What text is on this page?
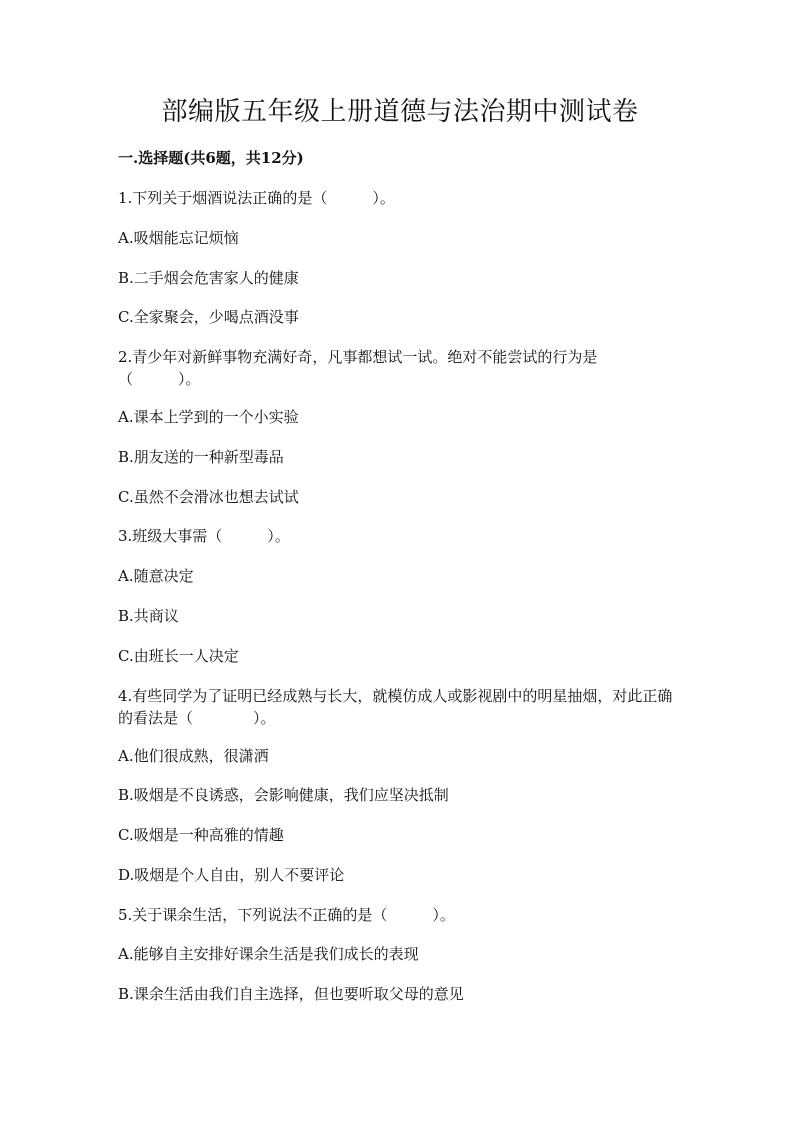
部编版五年级上册道德与法治期中测试卷
一.选择题(共6题，共12分)
1.下列关于烟酒说法正确的是（　　　）。
A.吸烟能忘记烦恼
B.二手烟会危害家人的健康
C.全家聚会，少喝点酒没事
2.青少年对新鲜事物充满好奇，凡事都想试一试。绝对不能尝试的行为是（　　　）。
A.课本上学到的一个小实验
B.朋友送的一种新型毒品
C.虽然不会滑冰也想去试试
3.班级大事需（　　　）。
A.随意决定
B.共商议
C.由班长一人决定
4.有些同学为了证明已经成熟与长大，就模仿成人或影视剧中的明星抽烟，对此正确的看法是（　　　　）。
A.他们很成熟，很潇洒
B.吸烟是不良诱惑，会影响健康，我们应坚决抵制
C.吸烟是一种高雅的情趣
D.吸烟是个人自由，别人不要评论
5.关于课余生活，下列说法不正确的是（　　　）。
A.能够自主安排好课余生活是我们成长的表现
B.课余生活由我们自主选择，但也要听取父母的意见
